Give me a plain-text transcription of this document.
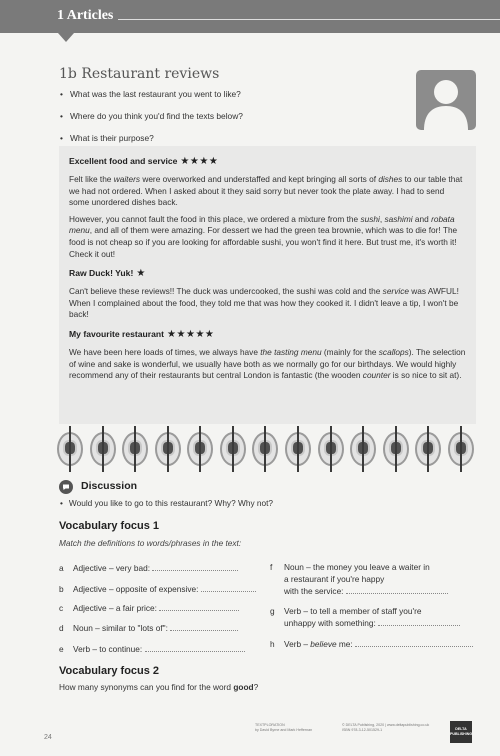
1 Articles
1b Restaurant reviews
• What was the last restaurant you went to like?
• Where do you think you'd find the texts below?
• What is their purpose?
Excellent food and service ★★★★

Felt like the waiters were overworked and understaffed and kept bringing all sorts of dishes to our table that we had not ordered. When I asked about it they said sorry but never took the plate away. I had to send some unordered dishes back.

However, you cannot fault the food in this place, we ordered a mixture from the sushi, sashimi and robata menu, and all of them were amazing. For dessert we had the green tea brownie, which was to die for! The food is not cheap so if you are looking for affordable sushi, you won't find it here. But trust me, it's worth it! Check it out!

Raw Duck! Yuk! ★

Can't believe these reviews!! The duck was undercooked, the sushi was cold and the service was AWFUL! When I complained about the food, they told me that was how they cooked it. I didn't leave a tip, I won't be back!

My favourite restaurant ★★★★★

We have been here loads of times, we always have the tasting menu (mainly for the scallops). The selection of wine and sake is wonderful, we usually have both as we normally go for our birthdays. We would highly recommend any of their restaurants but central London is fantastic (the wooden counter is so nice to sit at).

Discussion
• Would you like to go to this restaurant? Why? Why not?
Vocabulary focus 1
Match the definitions to words/phrases in the text:
a Adjective – very bad:
b Adjective – opposite of expensive:
c Adjective – a fair price:
d Noun – similar to "lots of":
e Verb – to continue:
f Noun – the money you leave a waiter in
a restaurant if you're happy
with the service:
g Verb – to tell a member of staff you're
unhappy with something:
h Verb – believe me:
Vocabulary focus 2
How many synonyms can you find for the word good?
24
TEXTPLORATION
by David Byrne and Mark Heffernan
© DELTA Publishing, 2020 | www.deltapublishing.co.uk
ISBN 978-3-12-501529-1	DELTA
PUBLISHING
